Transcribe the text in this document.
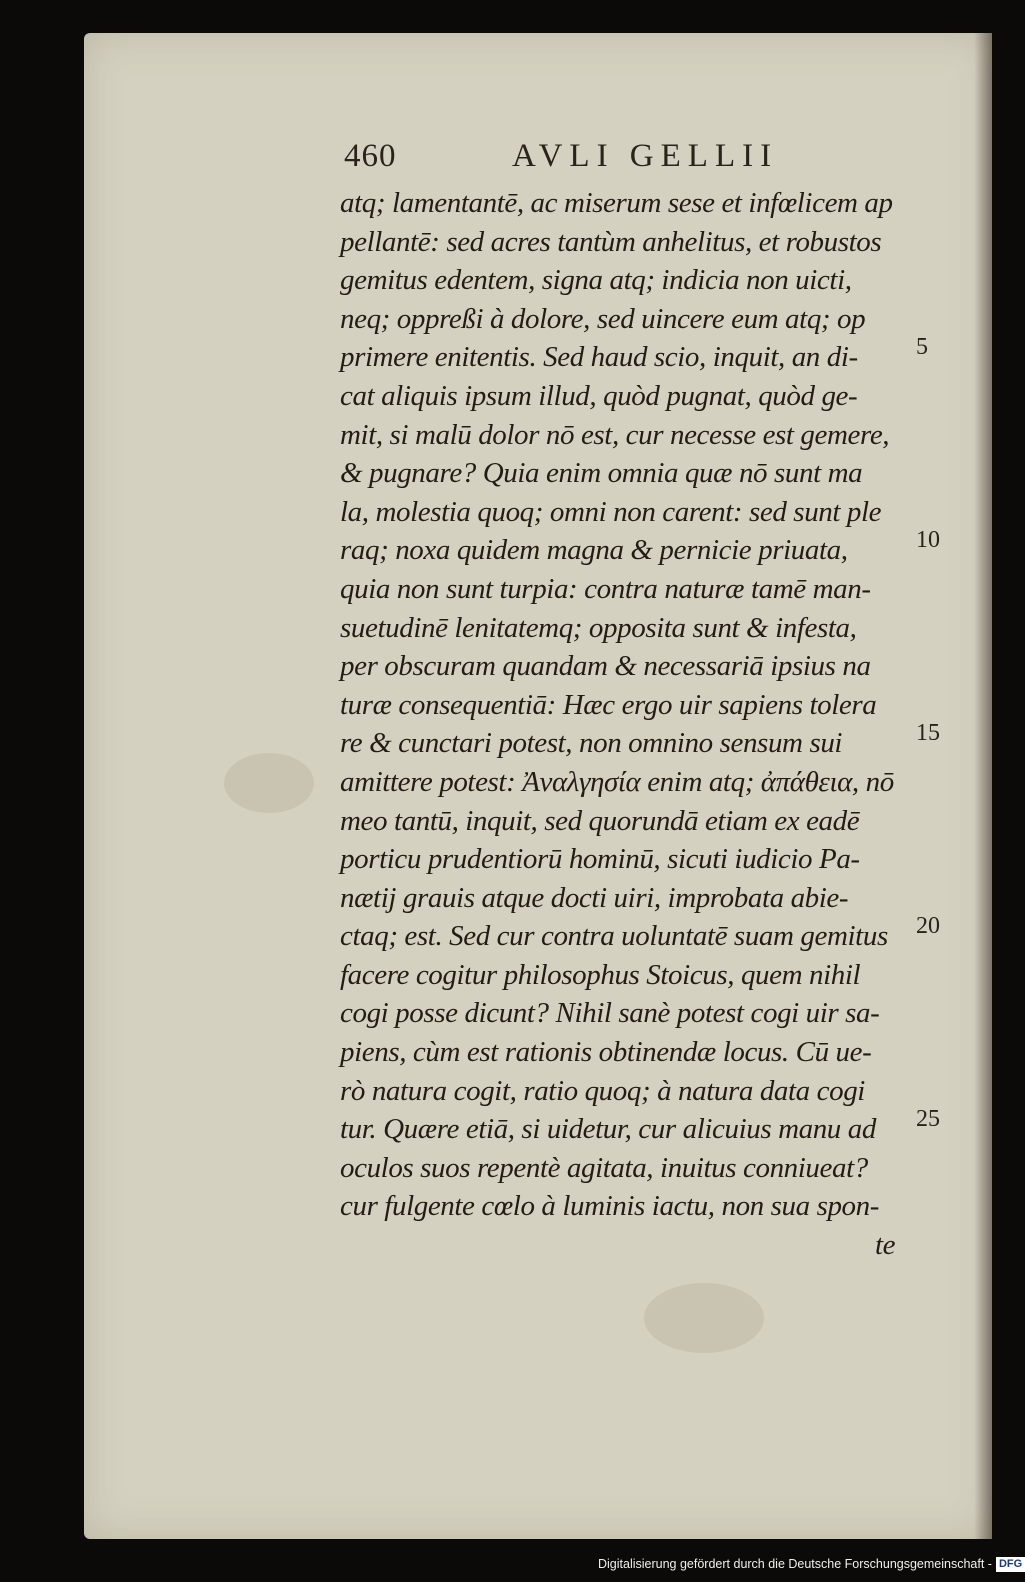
460	AVLI GELLII
atq; lamentantē, ac miserum sese et infœlicem ap
pellantē: sed acres tantùm anhelitus, et robustos
gemitus edentem, signa atq; indicia non uicti,
neq; oppreßi à dolore, sed uincere eum atq; op
primere enitentis. Sed haud scio, inquit, an di-
cat aliquis ipsum illud, quòd pugnat, quòd ge-
mit, si malū dolor nō est, cur necesse est gemere,
& pugnare? Quia enim omnia quæ nō sunt ma
la, molestia quoq; omni non carent: sed sunt ple
raq; noxa quidem magna & pernicie priuata,
quia non sunt turpia: contra naturæ tamē man-
suetudinē lenitatemq; opposita sunt & infesta,
per obscuram quandam & necessariā ipsius na
turæ consequentiā: Hæc ergo uir sapiens tolera
re & cunctari potest, non omnino sensum sui
amittere potest: Ἀναλγησία enim atq; ἀπάθεια, nō
meo tantū, inquit, sed quorundā etiam ex eadē
porticu prudentiorū hominū, sicuti iudicio Pa-
nætij grauis atque docti uiri, improbata abie-
ctaq; est. Sed cur contra uoluntatē suam gemitus
facere cogitur philosophus Stoicus, quem nihil
cogi posse dicunt? Nihil sanè potest cogi uir sa-
piens, cùm est rationis obtinendæ locus. Cū ue-
rò natura cogit, ratio quoq; à natura data cogi
tur. Quære etiā, si uidetur, cur alicuius manu ad
oculos suos repentè agitata, inuitus conniueat?
cur fulgente cœlo à luminis iactu, non sua spon-
te
5
10
15
20
25
Digitalisierung gefördert durch die Deutsche Forschungsgemeinschaft - DFG
